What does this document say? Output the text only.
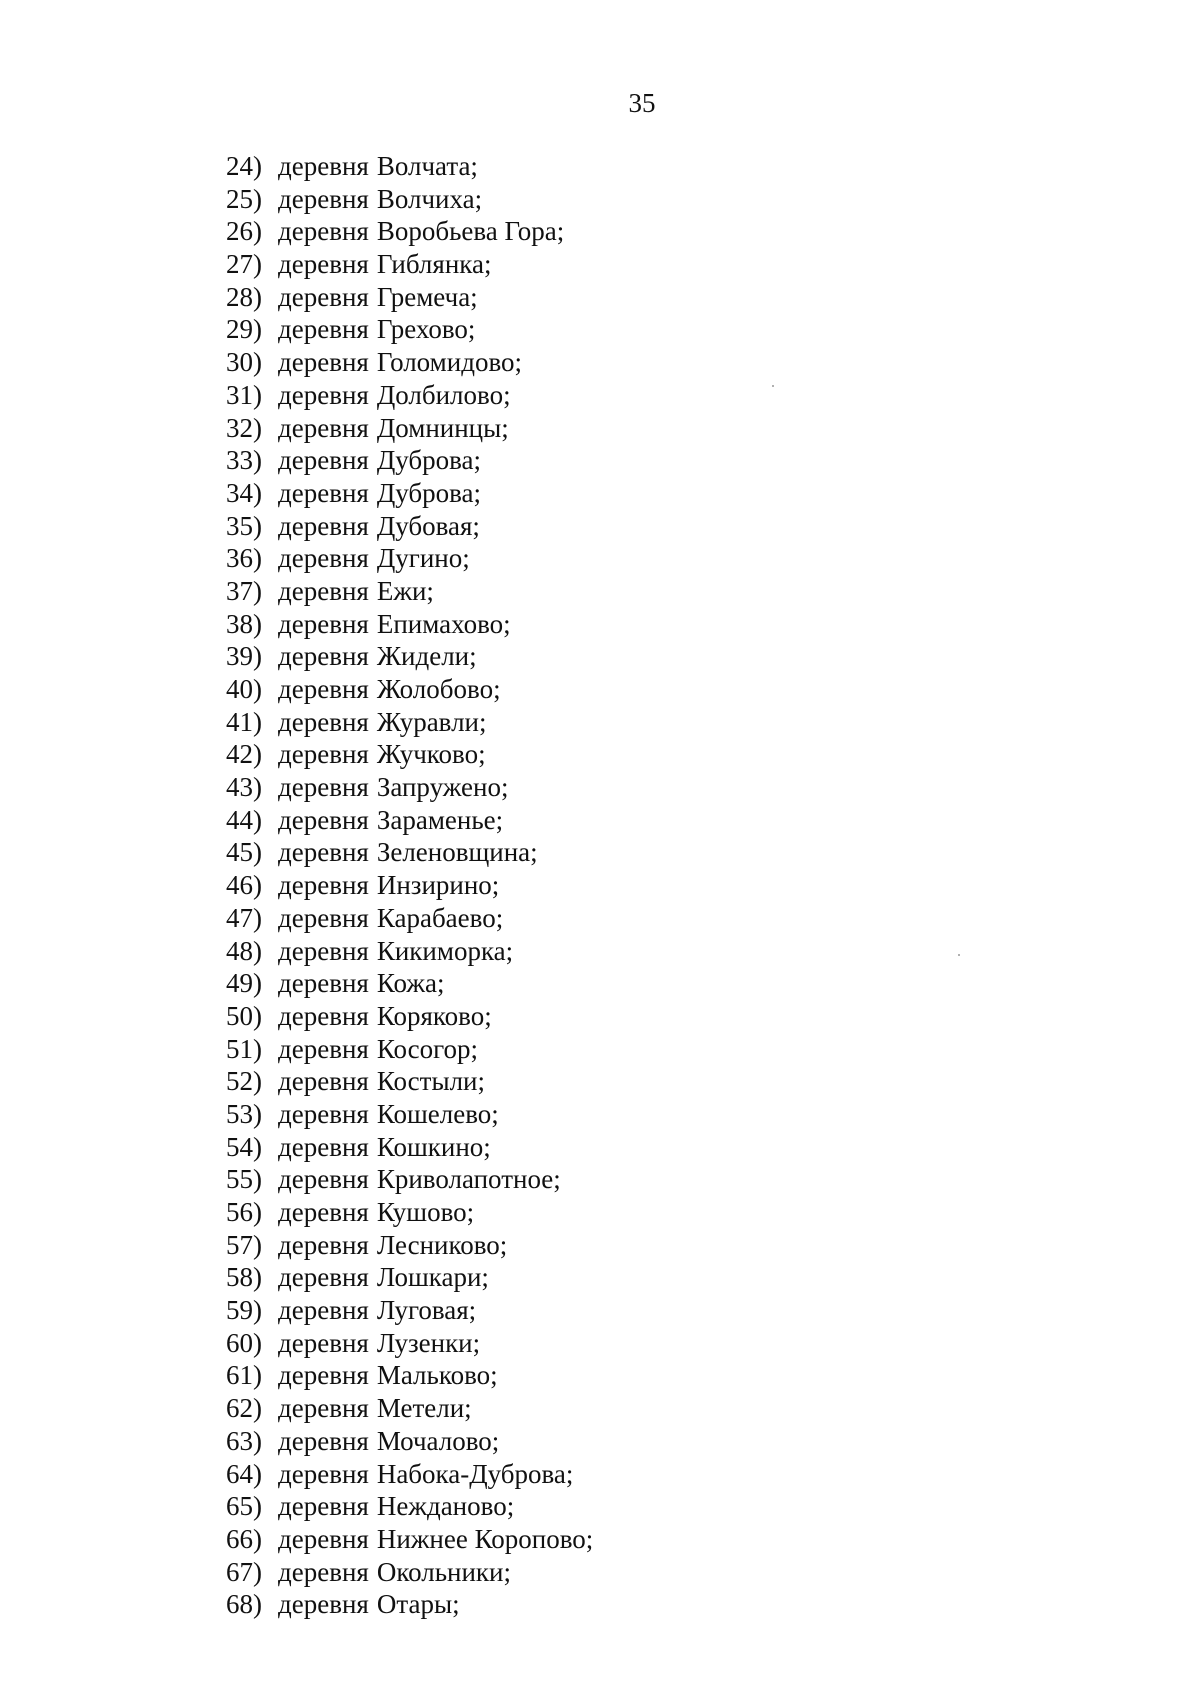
35
24) деревня Волчата;
25) деревня Волчиха;
26) деревня Воробьева Гора;
27) деревня Гиблянка;
28) деревня Гремеча;
29) деревня Грехово;
30) деревня Голомидово;
31) деревня Долбилово;
32) деревня Домнинцы;
33) деревня Дуброва;
34) деревня Дуброва;
35) деревня Дубовая;
36) деревня Дугино;
37) деревня Ежи;
38) деревня Епимахово;
39) деревня Жидели;
40) деревня Жолобово;
41) деревня Журавли;
42) деревня Жучково;
43) деревня Запружено;
44) деревня Зараменье;
45) деревня Зеленовщина;
46) деревня Инзирино;
47) деревня Карабаево;
48) деревня Кикиморка;
49) деревня Кожа;
50) деревня Коряково;
51) деревня Косогор;
52) деревня Костыли;
53) деревня Кошелево;
54) деревня Кошкино;
55) деревня Криволапотное;
56) деревня Кушово;
57) деревня Лесниково;
58) деревня Лошкари;
59) деревня Луговая;
60) деревня Лузенки;
61) деревня Мальково;
62) деревня Метели;
63) деревня Мочалово;
64) деревня Набока-Дуброва;
65) деревня Нежданово;
66) деревня Нижнее Коропово;
67) деревня Окольники;
68) деревня Отары;
